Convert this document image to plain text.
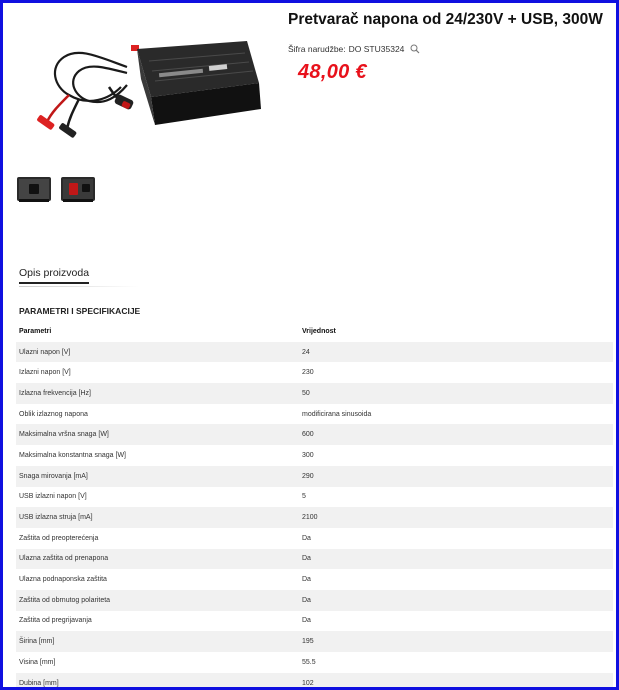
Pretvarač napona od 24/230V + USB, 300W
Šifra narudžbe: DO STU35324

48,00 €

Opis proizvoda
PARAMETRI I SPECIFIKACIJE
Parametri	Vrijednost
Ulazni napon [V]	24
Izlazni napon [V]	230
Izlazna frekvencija [Hz]	50
Oblik izlaznog napona	modificirana sinusoida
Maksimalna vršna snaga [W]	600
Maksimalna konstantna snaga [W]	300
Snaga mirovanja [mA]	290
USB izlazni napon [V]	5
USB izlazna struja [mA]	2100
Zaštita od preopterećenja	Da
Ulazna zaštita od prenapona	Da
Ulazna podnaponska zaštita	Da
Zaštita od obrnutog polariteta	Da
Zaštita od pregrijavanja	Da
Širina [mm]	195
Visina [mm]	55.5
Dubina [mm]	102
